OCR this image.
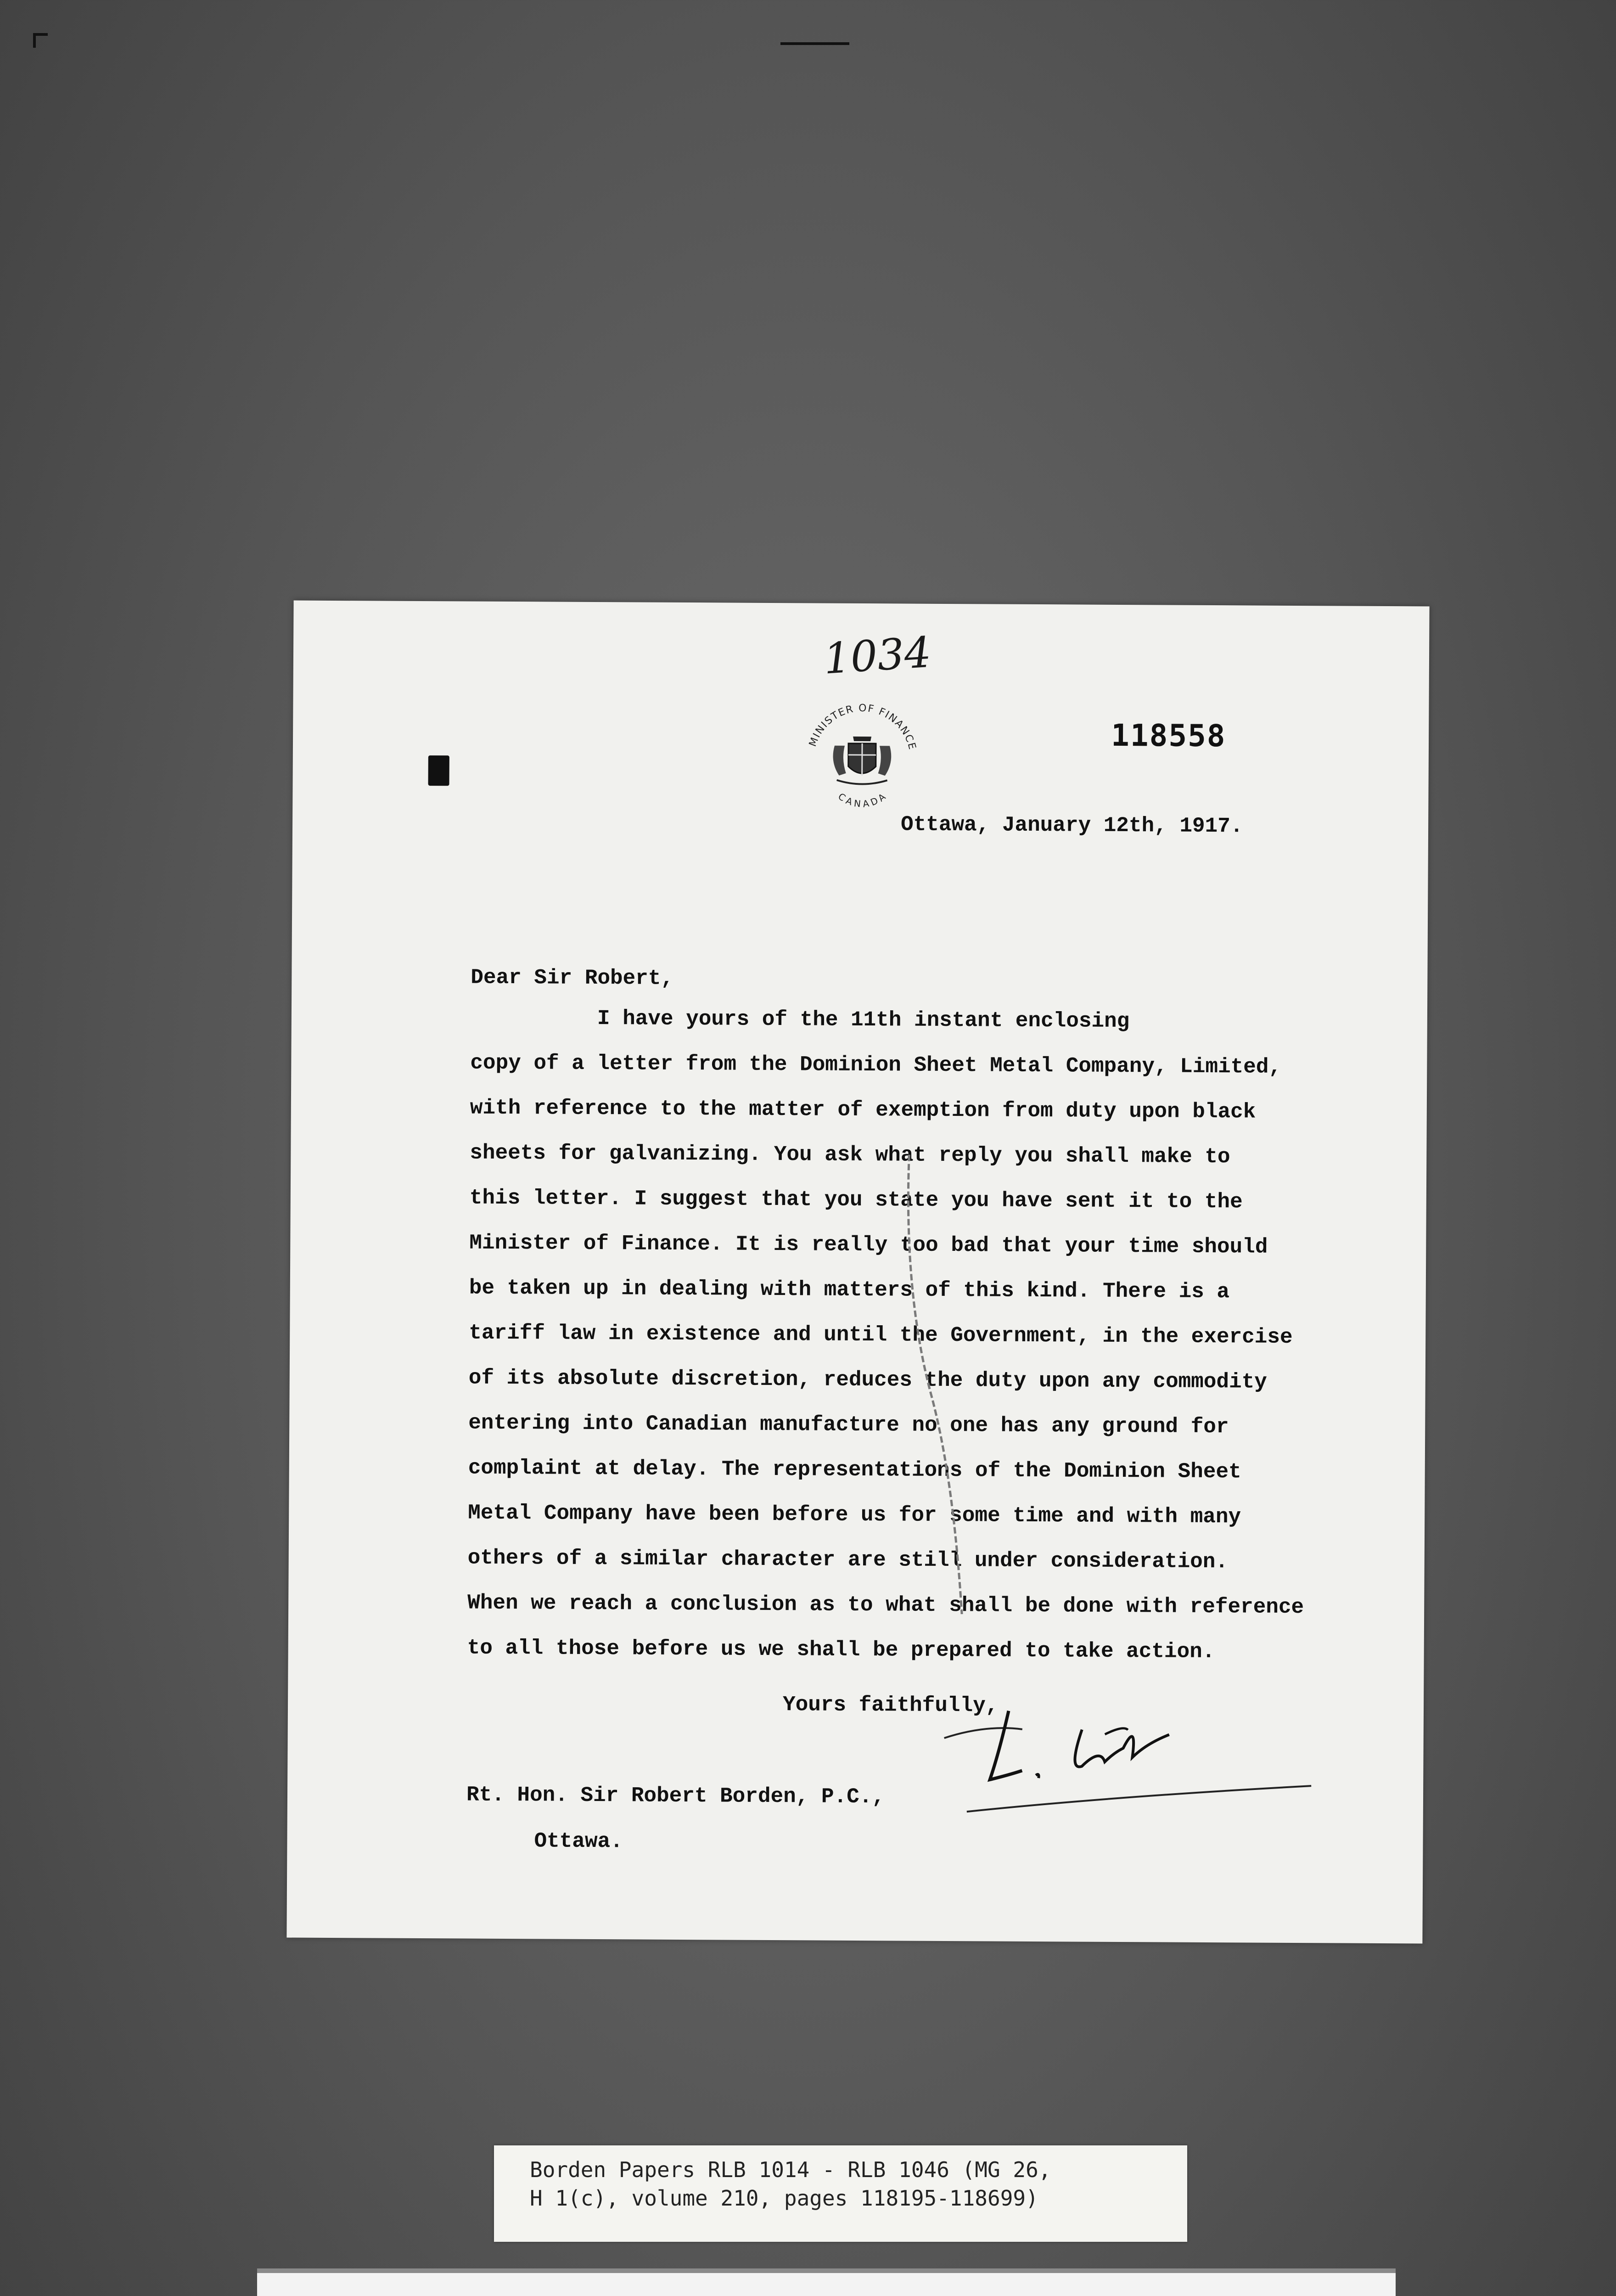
1034
MINISTER OF FINANCE
CANADA
118558
Ottawa, January 12th, 1917.
Dear Sir Robert,
I have yours of the 11th instant enclosing
copy of a letter from the Dominion Sheet Metal Company, Limited,
with reference to the matter of exemption from duty upon black
sheets for galvanizing. You ask what reply you shall make to
this letter. I suggest that you state you have sent it to the
Minister of Finance. It is really too bad that your time should
be taken up in dealing with matters of this kind. There is a
tariff law in existence and until the Government, in the exercise
of its absolute discretion, reduces the duty upon any commodity
entering into Canadian manufacture no one has any ground for
complaint at delay. The representations of the Dominion Sheet
Metal Company have been before us for some time and with many
others of a similar character are still under consideration.
When we reach a conclusion as to what shall be done with reference
to all those before us we shall be prepared to take action.
Yours faithfully,
Rt. Hon. Sir Robert Borden, P.C.,
Ottawa.
Borden Papers RLB 1014 - RLB 1046 (MG 26,
H 1(c), volume 210, pages 118195-118699)
